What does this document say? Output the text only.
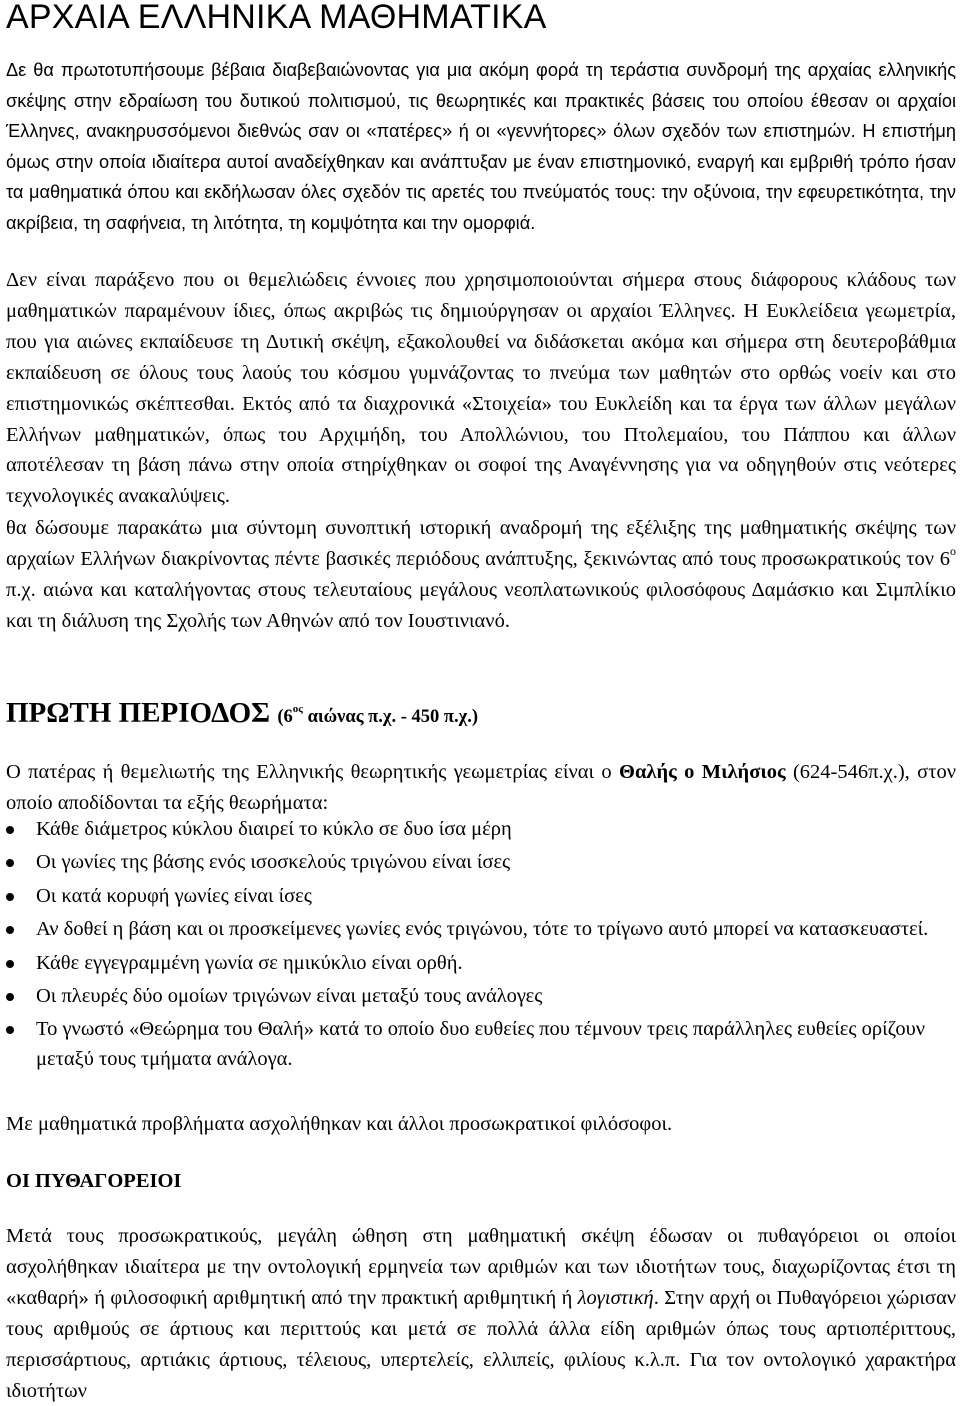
ΑΡΧΑΙΑ ΕΛΛΗΝΙΚΑ ΜΑΘΗΜΑΤΙΚΑ

Δε θα πρωτοτυπήσουμε βέβαια διαβεβαιώνοντας για μια ακόμη φορά τη τεράστια συνδρομή της αρχαίας ελληνικής σκέψης στην εδραίωση του δυτικού πολιτισμού, τις θεωρητικές και πρακτικές βάσεις του οποίου έθεσαν οι αρχαίοι Έλληνες, ανακηρυσσόμενοι διεθνώς σαν οι «πατέρες» ή οι «γεννήτορες» όλων σχεδόν των επιστημών. Η επιστήμη όμως στην οποία ιδιαίτερα αυτοί αναδείχθηκαν και ανάπτυξαν με έναν επιστημονικό, εναργή και εμβριθή τρόπο ήσαν τα μαθηματικά όπου και εκδήλωσαν όλες σχεδόν τις αρετές του πνεύματός τους: την οξύνοια, την εφευρετικότητα, την ακρίβεια, τη σαφήνεια, τη λιτότητα, τη κομψότητα και την ομορφιά.

Δεν είναι παράξενο που οι θεμελιώδεις έννοιες που χρησιμοποιούνται σήμερα στους διάφορους κλάδους των μαθηματικών παραμένουν ίδιες, όπως ακριβώς τις δημιούργησαν οι αρχαίοι Έλληνες. Η Ευκλείδεια γεωμετρία, που για αιώνες εκπαίδευσε τη Δυτική σκέψη, εξακολουθεί να διδάσκεται ακόμα και σήμερα στη δευτεροβάθμια εκπαίδευση σε όλους τους λαούς του κόσμου γυμνάζοντας το πνεύμα των μαθητών στο ορθώς νοείν και στο επιστημονικώς σκέπτεσθαι. Εκτός από τα διαχρονικά «Στοιχεία» του Ευκλείδη και τα έργα των άλλων μεγάλων Ελλήνων μαθηματικών, όπως του Αρχιμήδη, του Απολλώνιου, του Πτολεμαίου, του Πάππου και άλλων αποτέλεσαν τη βάση πάνω στην οποία στηρίχθηκαν οι σοφοί της Αναγέννησης για να οδηγηθούν στις νεότερες τεχνολογικές ανακαλύψεις.

θα δώσουμε παρακάτω μια σύντομη συνοπτική ιστορική αναδρομή της εξέλιξης της μαθηματικής σκέψης των αρχαίων Ελλήνων διακρίνοντας πέντε βασικές περιόδους ανάπτυξης, ξεκινώντας από τους προσωκρατικούς τον $6^o$ π.χ. αιώνα και καταλήγοντας στους τελευταίους μεγάλους νεοπλατωνικούς φιλοσόφους Δαμάσκιο και Σιμπλίκιο και τη διάλυση της Σχολής των Αθηνών από τον Ιουστινιανό.

ΠΡΩΤΗ ΠΕΡΙΟΔΟΣ ($6^{o\varsigma}$ αιώνας π.χ. - 450 π.χ.)

Ο πατέρας ή θεμελιωτής της Ελληνικής θεωρητικής γεωμετρίας είναι ο Θαλής ο Μιλήσιος (624-546π.χ.), στον οποίο αποδίδονται τα εξής θεωρήματα:

Κάθε διάμετρος κύκλου διαιρεί το κύκλο σε δυο ίσα μέρη
Οι γωνίες της βάσης ενός ισοσκελούς τριγώνου είναι ίσες
Οι κατά κορυφή γωνίες είναι ίσες
Αν δοθεί η βάση και οι προσκείμενες γωνίες ενός τριγώνου, τότε το τρίγωνο αυτό μπορεί να κατασκευαστεί.
Κάθε εγγεγραμμένη γωνία σε ημικύκλιο είναι ορθή.
Οι πλευρές δύο ομοίων τριγώνων είναι μεταξύ τους ανάλογες
Το γνωστό «Θεώρημα του Θαλή» κατά το οποίο δυο ευθείες που τέμνουν τρεις παράλληλες ευθείες ορίζουν μεταξύ τους τμήματα ανάλογα.

Με μαθηματικά προβλήματα ασχολήθηκαν και άλλοι προσωκρατικοί φιλόσοφοι.

ΟΙ ΠΥΘΑΓΟΡΕΙΟΙ

Μετά τους προσωκρατικούς, μεγάλη ώθηση στη μαθηματική σκέψη έδωσαν οι πυθαγόρειοι οι οποίοι ασχολήθηκαν ιδιαίτερα με την οντολογική ερμηνεία των αριθμών και των ιδιοτήτων τους, διαχωρίζοντας έτσι τη «καθαρή» ή φιλοσοφική αριθμητική από την πρακτική αριθμητική ή λογιστική. Στην αρχή οι Πυθαγόρειοι χώρισαν τους αριθμούς σε άρτιους και περιττούς και μετά σε πολλά άλλα είδη αριθμών όπως τους αρτιοπέριττους, περισσάρτιους, αρτιάκις άρτιους, τέλειους, υπερτελείς, ελλιπείς, φιλίους κ.λ.π. Για τον οντολογικό χαρακτήρα ιδιοτήτων
